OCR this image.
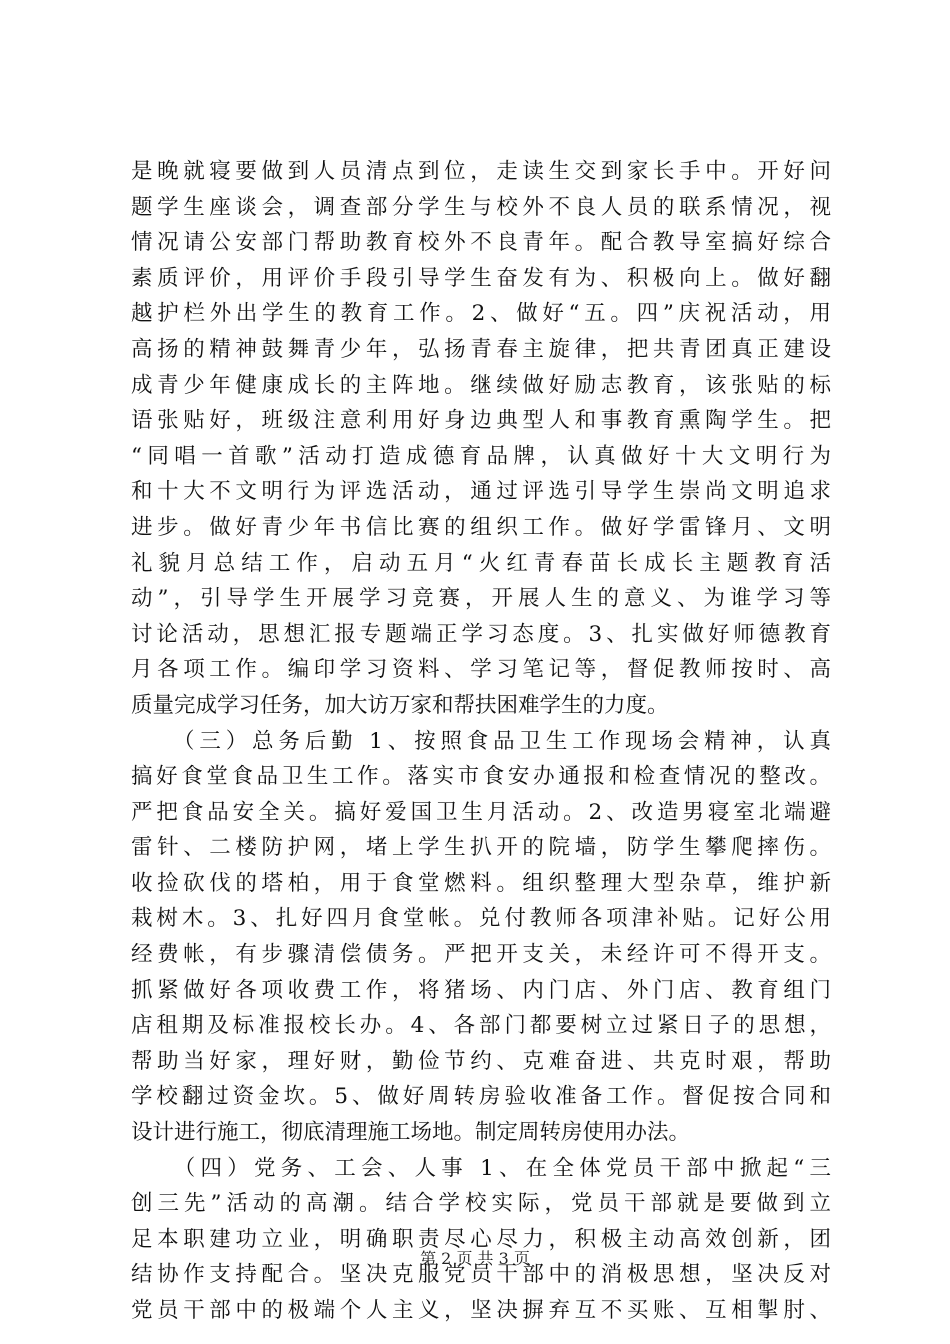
是晚就寝要做到人员清点到位，走读生交到家长手中。开好问
题学生座谈会，调查部分学生与校外不良人员的联系情况，视
情况请公安部门帮助教育校外不良青年。配合教导室搞好综合
素质评价，用评价手段引导学生奋发有为、积极向上。做好翻
越护栏外出学生的教育工作。2、做好“五。四”庆祝活动，用
高扬的精神鼓舞青少年，弘扬青春主旋律，把共青团真正建设
成青少年健康成长的主阵地。继续做好励志教育，该张贴的标
语张贴好，班级注意利用好身边典型人和事教育熏陶学生。把
“同唱一首歌”活动打造成德育品牌，认真做好十大文明行为
和十大不文明行为评选活动，通过评选引导学生崇尚文明追求
进步。做好青少年书信比赛的组织工作。做好学雷锋月、文明
礼貌月总结工作，启动五月“火红青春苗长成长主题教育活
动”，引导学生开展学习竞赛，开展人生的意义、为谁学习等
讨论活动，思想汇报专题端正学习态度。3、扎实做好师德教育
月各项工作。编印学习资料、学习笔记等，督促教师按时、高
质量完成学习任务，加大访万家和帮扶困难学生的力度。
　　（三）总务后勤 1、按照食品卫生工作现场会精神，认真
搞好食堂食品卫生工作。落实市食安办通报和检查情况的整改。
严把食品安全关。搞好爱国卫生月活动。2、改造男寝室北端避
雷针、二楼防护网，堵上学生扒开的院墙，防学生攀爬摔伤。
收捡砍伐的塔柏，用于食堂燃料。组织整理大型杂草，维护新
栽树木。3、扎好四月食堂帐。兑付教师各项津补贴。记好公用
经费帐，有步骤清偿债务。严把开支关，未经许可不得开支。
抓紧做好各项收费工作，将猪场、内门店、外门店、教育组门
店租期及标准报校长办。4、各部门都要树立过紧日子的思想，
帮助当好家，理好财，勤俭节约、克难奋进、共克时艰，帮助
学校翻过资金坎。5、做好周转房验收准备工作。督促按合同和
设计进行施工，彻底清理施工场地。制定周转房使用办法。
　　（四）党务、工会、人事 1、在全体党员干部中掀起“三
创三先”活动的高潮。结合学校实际，党员干部就是要做到立
足本职建功立业，明确职责尽心尽力，积极主动高效创新，团
结协作支持配合。坚决克服党员干部中的消极思想，坚决反对
党员干部中的极端个人主义，坚决摒弃互不买账、互相掣肘、
第 2 页 共 3 页
